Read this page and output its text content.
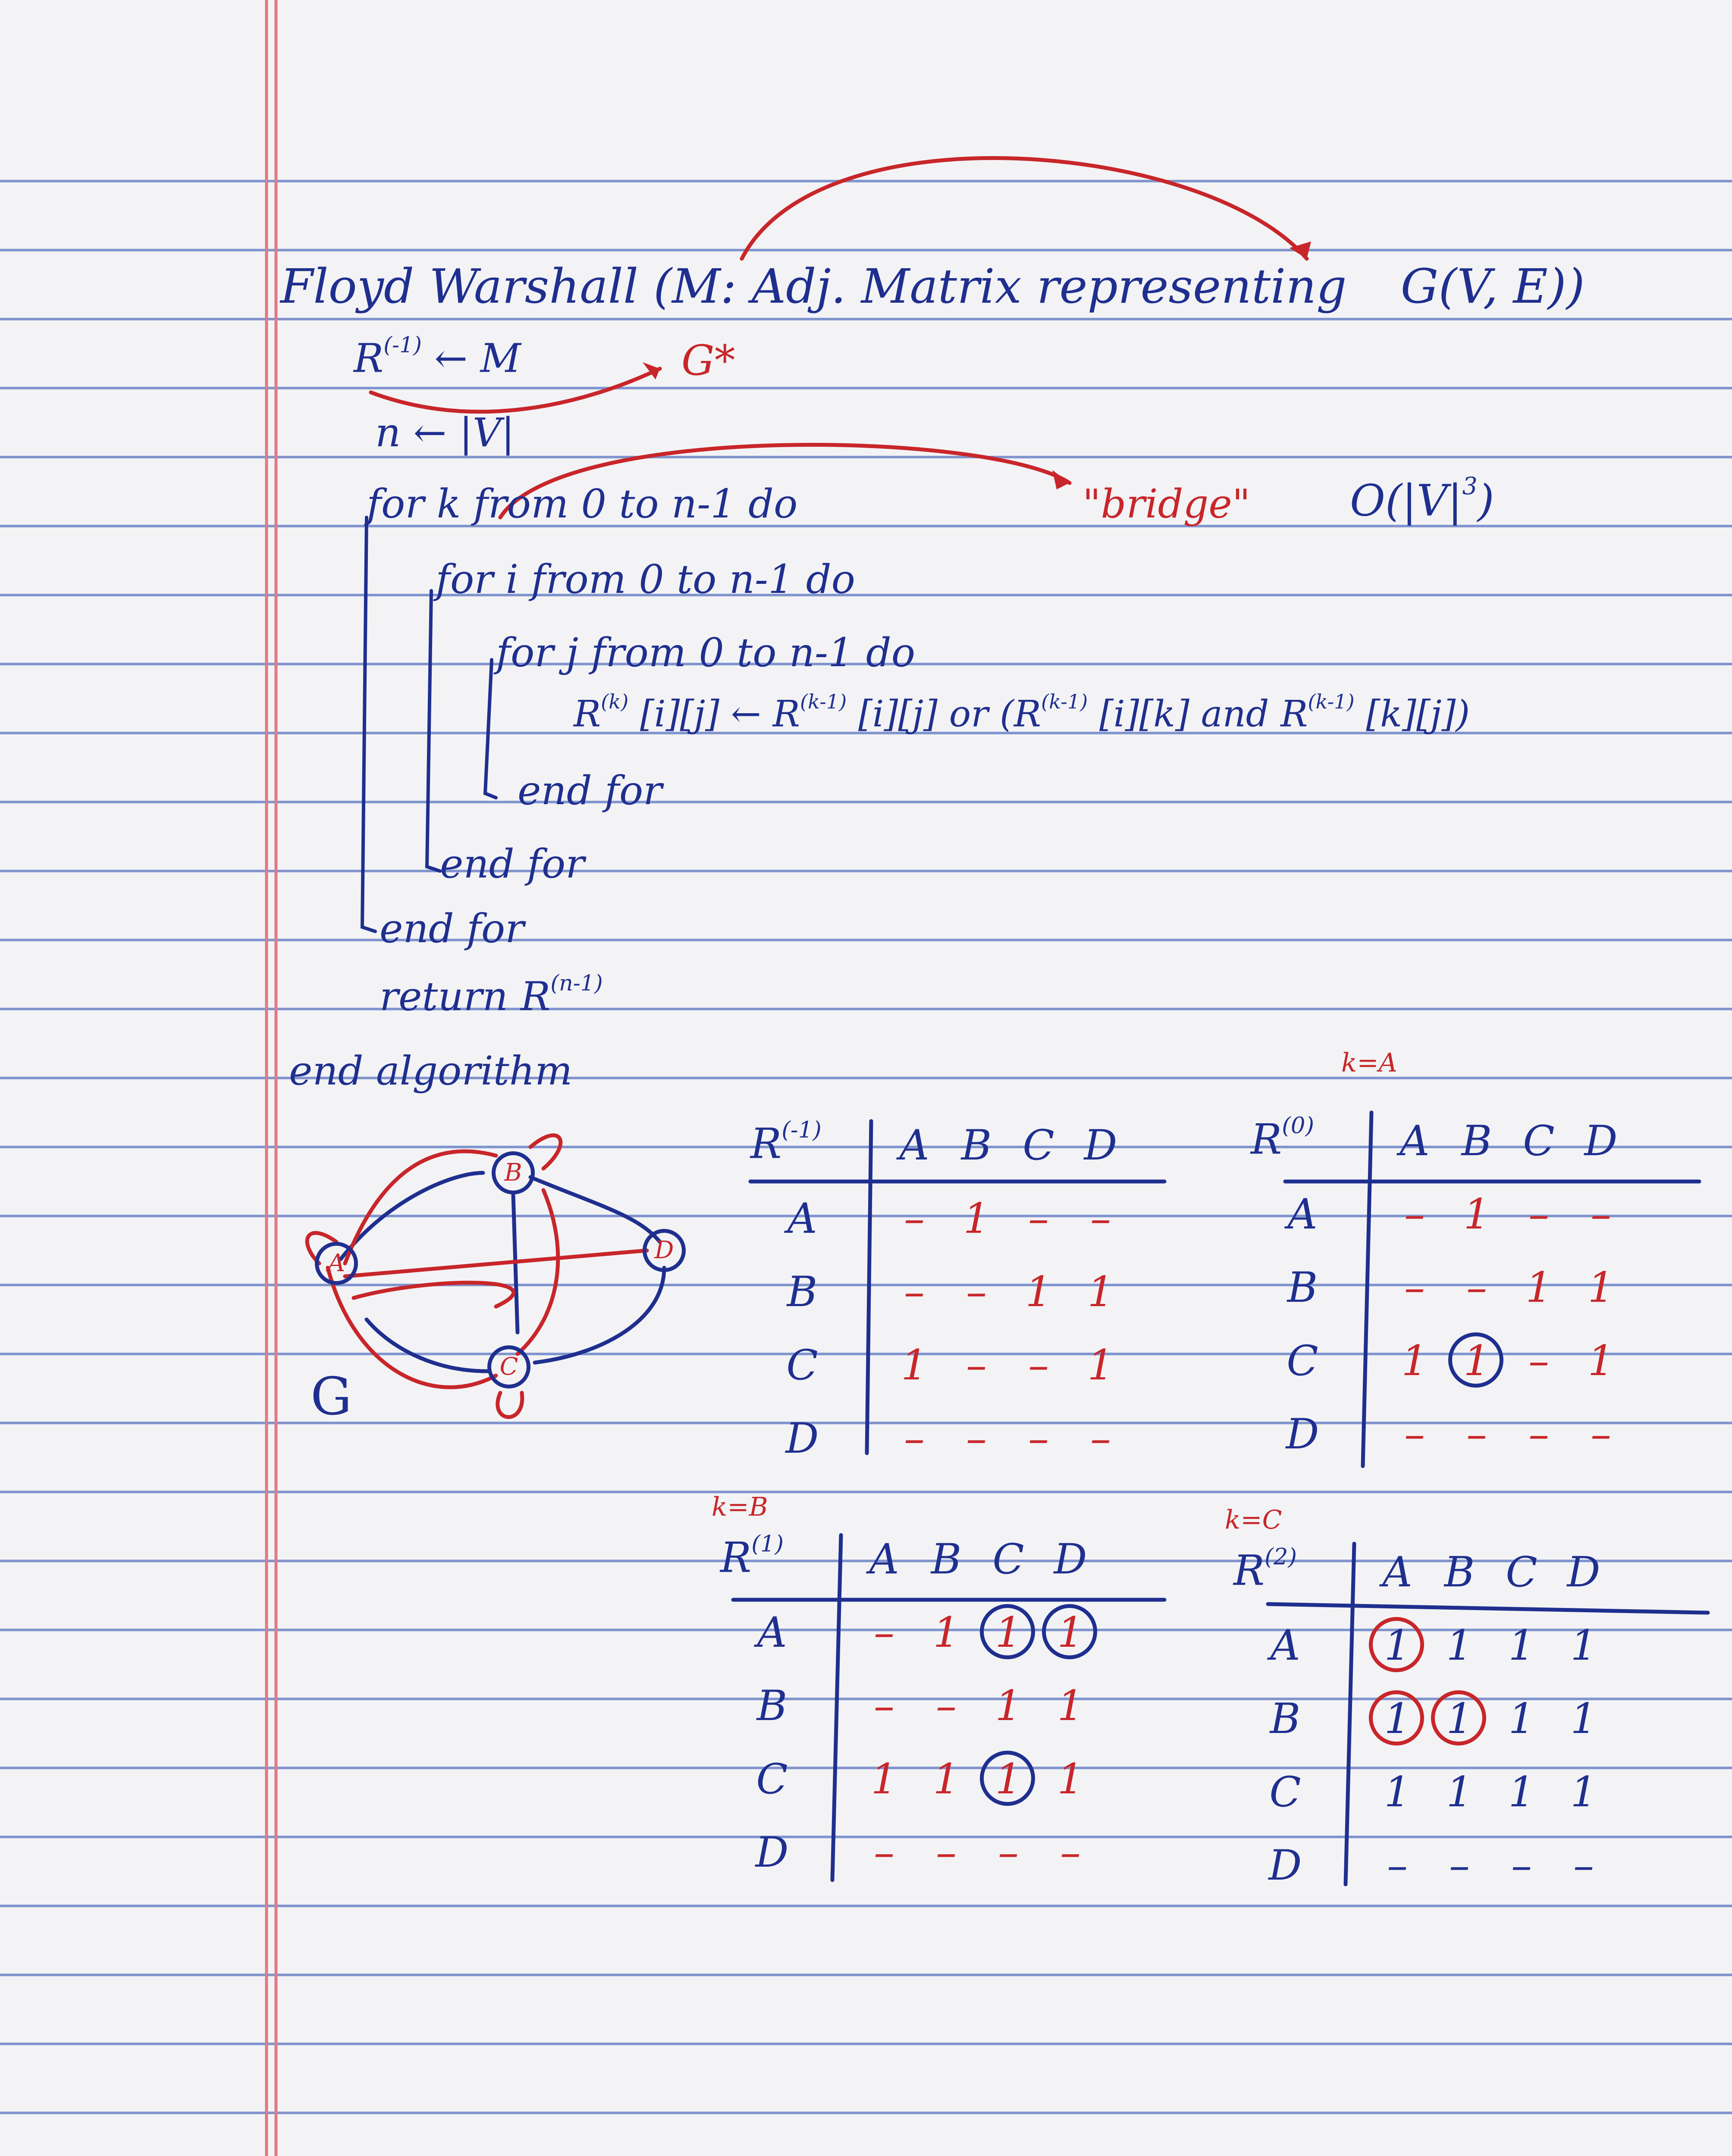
Floyd Warshall (M: Adj. Matrix representing G(V, E))
$R^{(-1)}$ ← M	G*
n ← |V|
for k from 0 to n-1 do	"bridge" $O(|V|^3)$
for i from 0 to n-1 do
for j from 0 to n-1 do
$R^{(k)}$ [i][j] ← $R^{(k-1)}$ [i][j] or ($R^{(k-1)}$ [i][k] and $R^{(k-1)}$ [k][j])
end for
end for
end for
return $R^{(n-1)}$
end algorithm
A
B
C
D
G
$R^{(-1)}$ A B C D
A	– 1 –	–
B	–	– 1 1
C	1 –	– 1
D	–	–	–	–
$R^{(0)}$
k=A
A B C D
A	– 1 –	–
B	–	– 1 1
C	1 1 – 1
D	–	–	–	–
$R^{(1)}$
k=B
A B C D
A	– 1 1 1
B	–	– 1 1
C	1 1 1 1
D	–	–	–	–
$R^{(2)}$
k=C
A B C D
A	1 1 1 1
B	1 1 1 1
C	1 1 1 1
D	–	–	–	–
